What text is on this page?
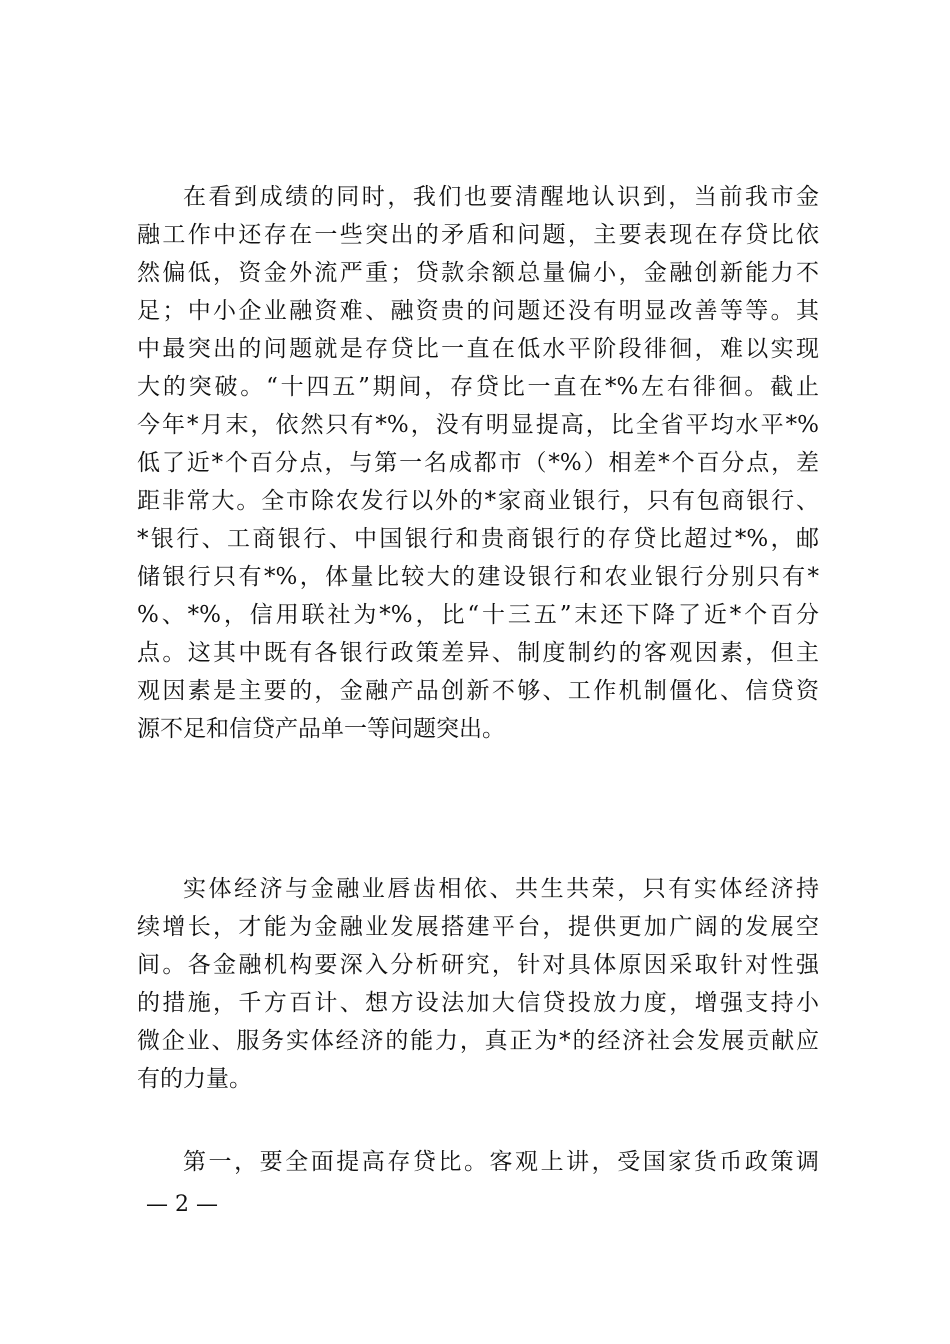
在看到成绩的同时，我们也要清醒地认识到，当前我市金
融工作中还存在一些突出的矛盾和问题，主要表现在存贷比依
然偏低，资金外流严重；贷款余额总量偏小，金融创新能力不
足；中小企业融资难、融资贵的问题还没有明显改善等等。其
中最突出的问题就是存贷比一直在低水平阶段徘徊，难以实现
大的突破。“十四五”期间，存贷比一直在*%左右徘徊。截止
今年*月末，依然只有*%，没有明显提高，比全省平均水平*%
低了近*个百分点，与第一名成都市（*%）相差*个百分点，差
距非常大。全市除农发行以外的*家商业银行，只有包商银行、
*银行、工商银行、中国银行和贵商银行的存贷比超过*%，邮
储银行只有*%，体量比较大的建设银行和农业银行分别只有*
%、*%，信用联社为*%，比“十三五”末还下降了近*个百分
点。这其中既有各银行政策差异、制度制约的客观因素，但主
观因素是主要的，金融产品创新不够、工作机制僵化、信贷资
源不足和信贷产品单一等问题突出。
实体经济与金融业唇齿相依、共生共荣，只有实体经济持
续增长，才能为金融业发展搭建平台，提供更加广阔的发展空
间。各金融机构要深入分析研究，针对具体原因采取针对性强
的措施，千方百计、想方设法加大信贷投放力度，增强支持小
微企业、服务实体经济的能力，真正为*的经济社会发展贡献应
有的力量。
第一，要全面提高存贷比。客观上讲，受国家货币政策调
— 2 —
